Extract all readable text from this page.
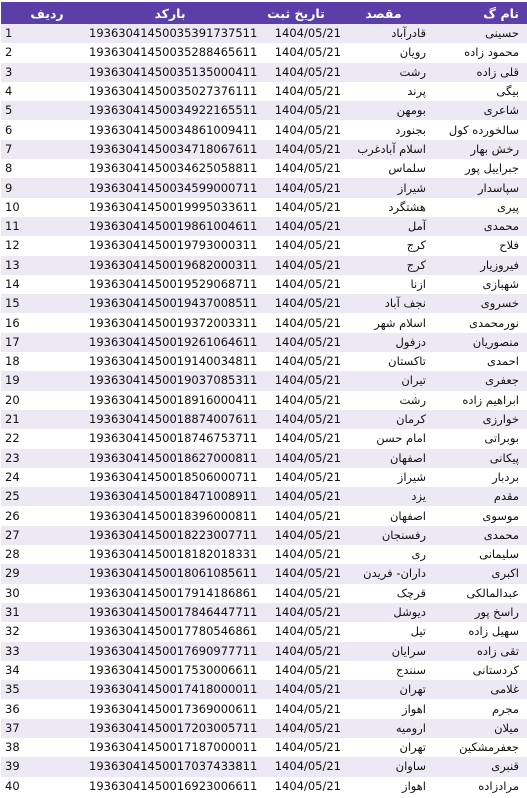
نام گ	مقصد	تاریخ ثبت	بارکد	ردیف
حسینی	قادرآباد	1404/05/21	19363041450035391737511	1
محمود زاده	رویان	1404/05/21	19363041450035288465611	2
قلی زاده	رشت	1404/05/21	19363041450035135000411	3
بیگی	پرند	1404/05/21	19363041450035027376111	4
شاعری	بومهن	1404/05/21	19363041450034922165511	5
سالخورده کول	بجنورد	1404/05/21	19363041450034861009411	6
رخش بهار	اسلام آبادغرب	1404/05/21	19363041450034718067611	7
جبرایيل پور	سلماس	1404/05/21	19363041450034625058811	8
سپاسدار	شیراز	1404/05/21	19363041450034599000711	9
پیری	هشتگرد	1404/05/21	19363041450019995033611	10
محمدی	آمل	1404/05/21	19363041450019861004611	11
فلاح	کرج	1404/05/21	19363041450019793000311	12
فیروزیار	کرج	1404/05/21	19363041450019682000311	13
شهبازی	ازنا	1404/05/21	19363041450019529068711	14
خسروی	نجف آباد	1404/05/21	19363041450019437008511	15
نورمحمدی	اسلام شهر	1404/05/21	19363041450019372003311	16
منصوریان	دزفول	1404/05/21	19363041450019261064611	17
احمدی	تاکستان	1404/05/21	19363041450019140034811	18
جعفری	تیران	1404/05/21	19363041450019037085311	19
ابراهیم زاده	رشت	1404/05/21	19363041450018916000411	20
خوارزی	کرمان	1404/05/21	19363041450018874007611	21
بوبراتی	امام حسن	1404/05/21	19363041450018746753711	22
پیکانی	اصفهان	1404/05/21	19363041450018627000811	23
بردبار	شیراز	1404/05/21	19363041450018506000711	24
مقدم	یزد	1404/05/21	19363041450018471008911	25
موسوی	اصفهان	1404/05/21	19363041450018396000811	26
محمدی	رفسنجان	1404/05/21	19363041450018223007711	27
سلیمانی	ری	1404/05/21	19363041450018182018331	28
اکبری	داران- فریدن	1404/05/21	19363041450018061085611	29
عبدالمالکی	قرچک	1404/05/21	19363041450017914186861	30
راسخ پور	دیوشل	1404/05/21	19363041450017846447711	31
سهیل زاده	تیل	1404/05/21	19363041450017780546861	32
تقی زاده	سرایان	1404/05/21	19363041450017690977711	33
کردستانی	سنندج	1404/05/21	19363041450017530006611	34
غلامی	تهران	1404/05/21	19363041450017418000011	35
مجرم	اهواز	1404/05/21	19363041450017369000611	36
میلان	ارومیه	1404/05/21	19363041450017203005711	37
جعفرمشکین	تهران	1404/05/21	19363041450017187000011	38
قنبری	ساوان	1404/05/21	19363041450017037433811	39
مرادزاده	اهواز	1404/05/21	19363041450016923006611	40
